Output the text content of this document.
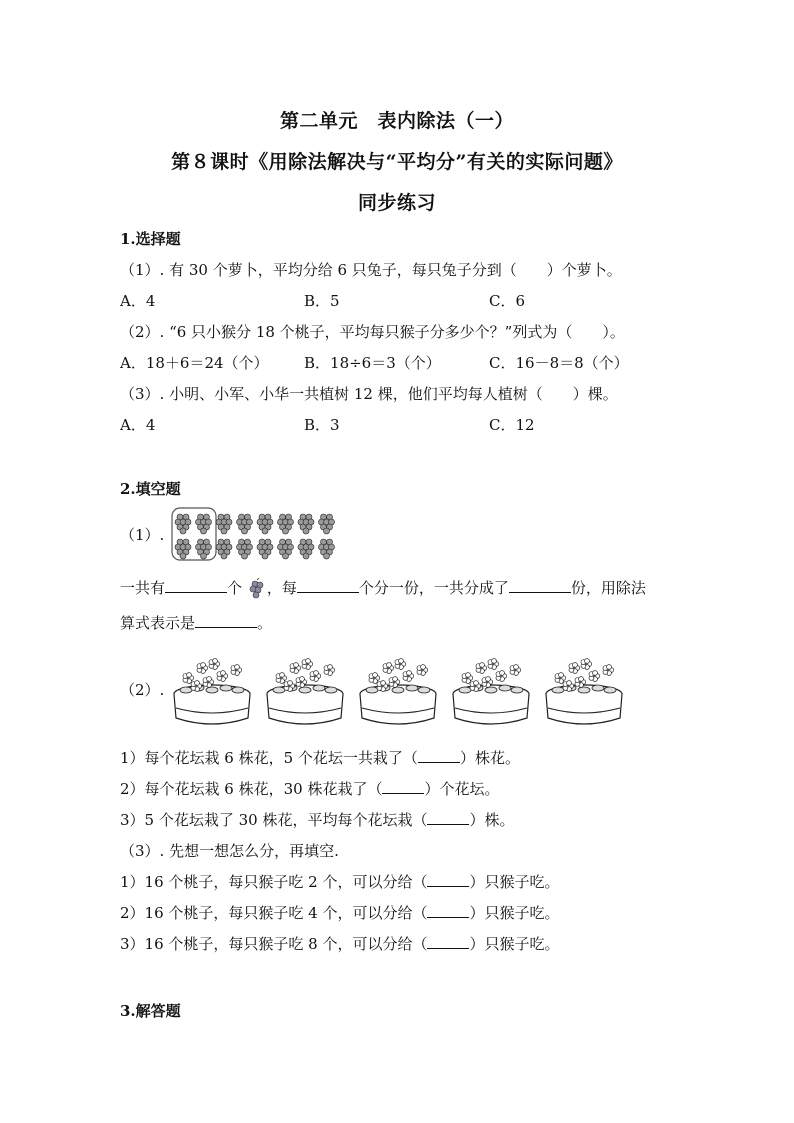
第二单元　表内除法（一）
第８课时《用除法解决与“平均分”有关的实际问题》
同步练习
1.选择题
（1）. 有 30 个萝卜，平均分给 6 只兔子，每只兔子分到（　　）个萝卜。
A．4	B．5	C．6
（2）. “6 只小猴分 18 个桃子，平均每只猴子分多少个？”列式为（　　）。
A．18＋6＝24（个） B．18÷6＝3（个）	C．16－8＝8（个）
（3）. 小明、小军、小华一共植树 12 棵，他们平均每人植树（　　）棵。
A．4	B．3	C．12
2.填空题
（1）.
一共有	个 ，每	个分一份，一共分成了	份，用除法
算式表示是	。
（2）.
1）每个花坛栽 6 株花，5 个花坛一共栽了（	）株花。
2）每个花坛栽 6 株花，30 株花栽了（	）个花坛。
3）5 个花坛栽了 30 株花，平均每个花坛栽（	）株。
（3）. 先想一想怎么分，再填空.
1）16 个桃子，每只猴子吃 2 个，可以分给（	）只猴子吃。
2）16 个桃子，每只猴子吃 4 个，可以分给（	）只猴子吃。
3）16 个桃子，每只猴子吃 8 个，可以分给（	）只猴子吃。
3.解答题
